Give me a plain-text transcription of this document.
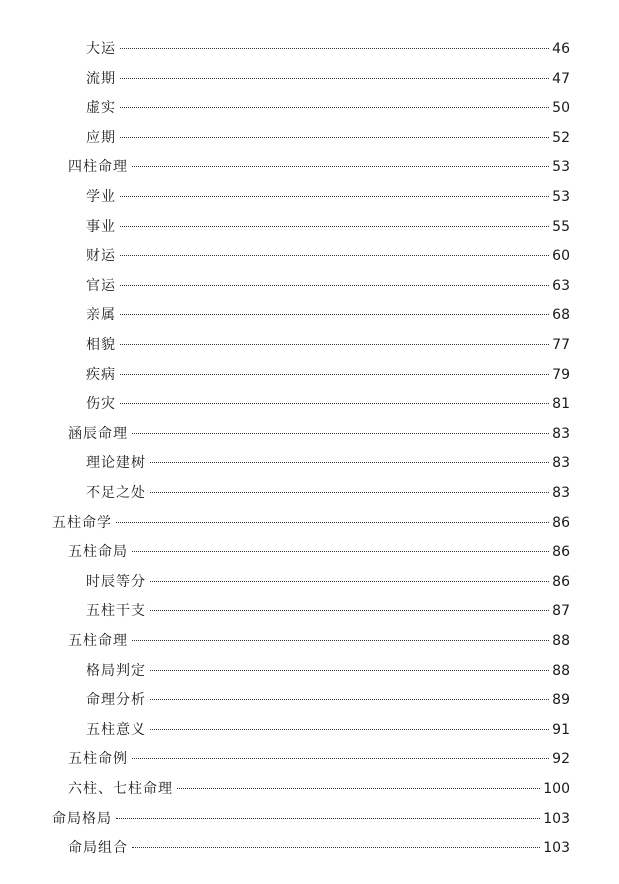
大运	46
流期	47
虚实	50
应期	52
四柱命理	53
学业	53
事业	55
财运	60
官运	63
亲属	68
相貌	77
疾病	79
伤灾	81
涵辰命理	83
理论建树	83
不足之处	83
五柱命学	86
五柱命局	86
时辰等分	86
五柱干支	87
五柱命理	88
格局判定	88
命理分析	89
五柱意义	91
五柱命例	92
六柱、七柱命理	100
命局格局	103
命局组合	103
